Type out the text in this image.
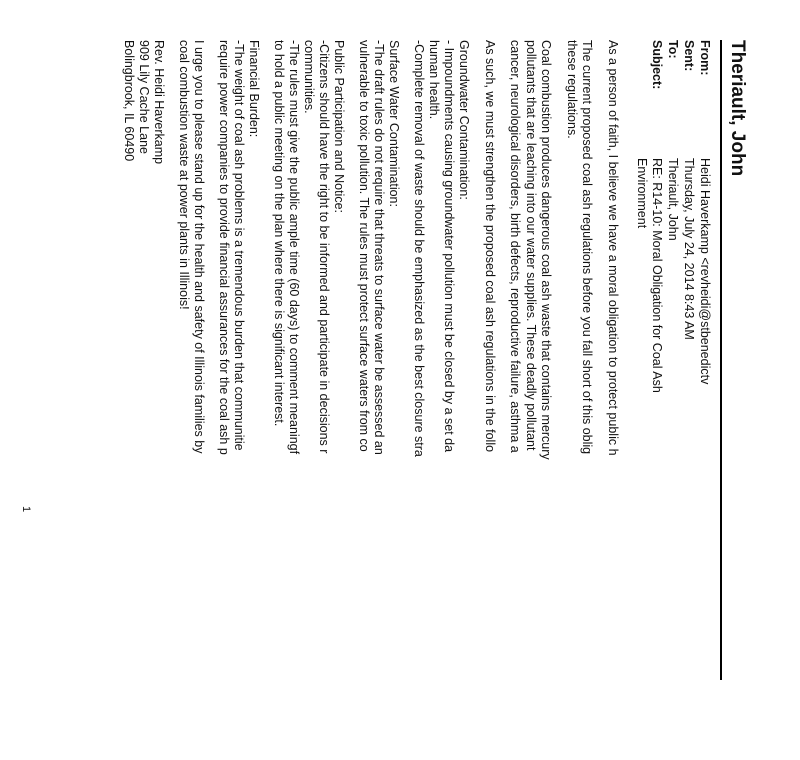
Theriault, John
From:
Heidi Haverkamp <revheidi@stbenedictv
Sent:
Thursday, July 24, 2014 8:43 AM
To:
Theriault, John
Subject:
RE: R14-10: Moral Obligation for Coal Ash
Environment

As a person of faith, I believe we have a moral obligation to protect public h

The current proposed coal ash regulations before you fall short of this oblig

these regulations.

Coal combustion produces dangerous coal ash waste that contains mercury

pollutants that are leaching into our water supplies. These deadly pollutant

cancer, neurological disorders, birth defects, reproductive failure, asthma a

As such, we must strengthen the proposed coal ash regulations in the follo

Groundwater Contamination:

- Impoundments causing groundwater pollution must be closed by a set da

human health.

-Complete removal of waste should be emphasized as the best closure stra

Surface Water Contamination:

-The draft rules do not require that threats to surface water be assessed an

vulnerable to toxic pollution. The rules must protect surface waters from co

Public Participation and Notice:

-Citizens should have the right to be informed and participate in decisions r

communities.

-The rules must give the public ample time (60 days) to comment meaningf

to hold a public meeting on the plan where there is significant interest.

Financial Burden:

-The weight of coal ash problems is a tremendous burden that communitie

require power companies to provide financial assurances for the coal ash p

I urge you to please stand up for the health and safety of Illinois families by

coal combustion waste at power plants in Illinois!

Rev. Heidi Haverkamp

909 Lily Cache Lane

Bolingbrook, IL 60490

1
